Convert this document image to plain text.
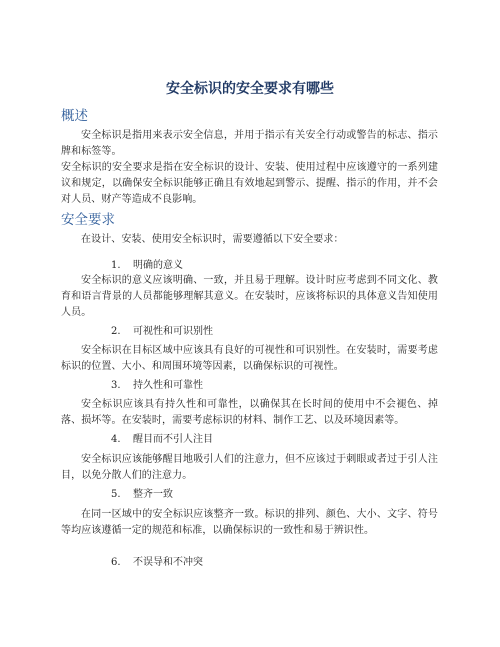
安全标识的安全要求有哪些
概述
安全标识是指用来表示安全信息，并用于指示有关安全行动或警告的标志、指示牌和标签等。
安全标识的安全要求是指在安全标识的设计、安装、使用过程中应该遵守的一系列建议和规定，以确保安全标识能够正确且有效地起到警示、提醒、指示的作用，并不会对人员、财产等造成不良影响。
安全要求
在设计、安装、使用安全标识时，需要遵循以下安全要求：
1. 明确的意义
安全标识的意义应该明确、一致，并且易于理解。设计时应考虑到不同文化、教育和语言背景的人员都能够理解其意义。在安装时，应该将标识的具体意义告知使用人员。
2. 可视性和可识别性
安全标识在目标区域中应该具有良好的可视性和可识别性。在安装时，需要考虑标识的位置、大小、和周围环境等因素，以确保标识的可视性。
3. 持久性和可靠性
安全标识应该具有持久性和可靠性，以确保其在长时间的使用中不会褪色、掉落、损坏等。在安装时，需要考虑标识的材料、制作工艺、以及环境因素等。
4. 醒目而不引人注目
安全标识应该能够醒目地吸引人们的注意力，但不应该过于刺眼或者过于引人注目，以免分散人们的注意力。
5. 整齐一致
在同一区域中的安全标识应该整齐一致。标识的排列、颜色、大小、文字、符号等均应该遵循一定的规范和标准，以确保标识的一致性和易于辨识性。
6. 不误导和不冲突
